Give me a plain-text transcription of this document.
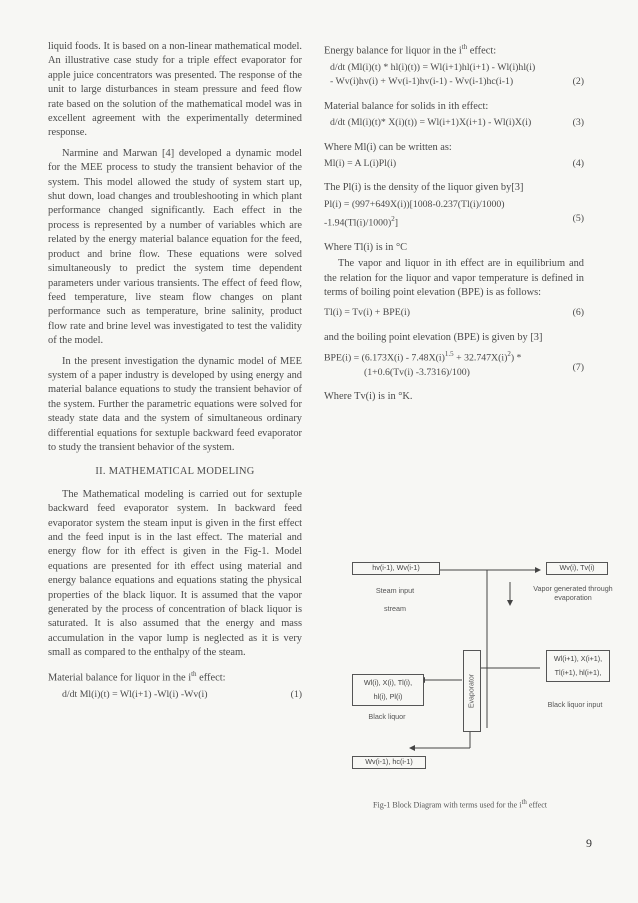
liquid foods. It is based on a non-linear mathematical model. An illustrative case study for a triple effect evaporator for apple juice concentrators was presented. The response of the unit to large disturbances in steam pressure and feed flow rate based on the solution of the mathematical model was in excellent agreement with the experimentally determined response.

Narmine and Marwan [4] developed a dynamic model for the MEE process to study the transient behavior of the system. This model allowed the study of system start up, shut down, load changes and troubleshooting in which plant performance changed significantly. Each effect in the process is represented by a number of variables which are related by the energy material balance equation for the feed, product and brine flow. These equations were solved simultaneously to predict the system time dependent parameters under various transients. The effect of feed flow, feed temperature, live steam flow changes on plant performance such as temperature, brine salinity, product flow rate and brine level was investigated to test the validity of the model.

In the present investigation the dynamic model of MEE system of a paper industry is developed by using energy and material balance equations to study the transient behavior of the system. Further the parametric equations were solved for steady state data and the system of simultaneous ordinary differential equations for sextuple backward feed evaporator to study the transient behavior of the system.

II. MATHEMATICAL MODELING

The Mathematical modeling is carried out for sextuple backward feed evaporator system. In backward feed evaporator system the steam input is given in the first effect and the feed input is in the last effect. The material and energy flow for ith effect is given in the Fig-1. Model equations are presented for ith effect using material and energy balance equations and equations stating the physical properties of the black liquor. It is assumed that the vapor generated by the process of concentration of black liquor is saturated. It is also assumed that the energy and mass accumulation in the vapor lump is neglected as it is very small as compared to the enthalpy of the steam.

Material balance for liquor in the $i^{th}$ effect:

d/dt Ml(i)(t) = Wl(i+1) -Wl(i) -Wv(i)	(1)

Energy balance for liquor in the $i^{th}$ effect:

d/dt (Ml(i)(t) * hl(i)(t)) = Wl(i+1)hl(i+1) - Wl(i)hl(i)
- Wv(i)hv(i) + Wv(i-1)hv(i-1) - Wv(i-1)hc(i-1)	(2)

Material balance for solids in ith effect:

d/dt (Ml(i)(t)* X(i)(t)) = Wl(i+1)X(i+1) - Wl(i)X(i)	(3)

Where Ml(i) can be written as:

Ml(i) = A L(i)Pl(i)	(4)

The Pl(i) is the density of the liquor given by[3]

Pl(i) = (997+649X(i))[1008-0.237(Tl(i)/1000)
$-1.94(Tl(i)/1000)^2$]	(5)

Where Tl(i) is in °C

The vapor and liquor in ith effect are in equilibrium and the relation for the liquor and vapor temperature is defined in terms of boiling point elevation (BPE) is as follows:

Tl(i) = Tv(i) + BPE(i)	(6)

and the boiling point elevation (BPE) is given by [3]

$BPE(i) = (6.173X(i) - 7.48X(i)^{1.5} + 32.747X(i)^2)$ *
(1+0.6(Tv(i) -3.7316)/100)	(7)

Where Tv(i) is in °K.

hv(i-1), Wv(i-1)
Steam input
stream
Wv(i), Tv(i)
Vapor generated through evaporation
Wl(i+1), X(i+1),
Tl(i+1), hl(i+1),
Black liquor input
Wl(i), X(i), Tl(i),
hl(i), Pl(i)
Black liquor
Evaporator
Wv(i-1), hc(i-1)
Fig-1 Block Diagram with terms used for the $i^{th}$ effect
9
